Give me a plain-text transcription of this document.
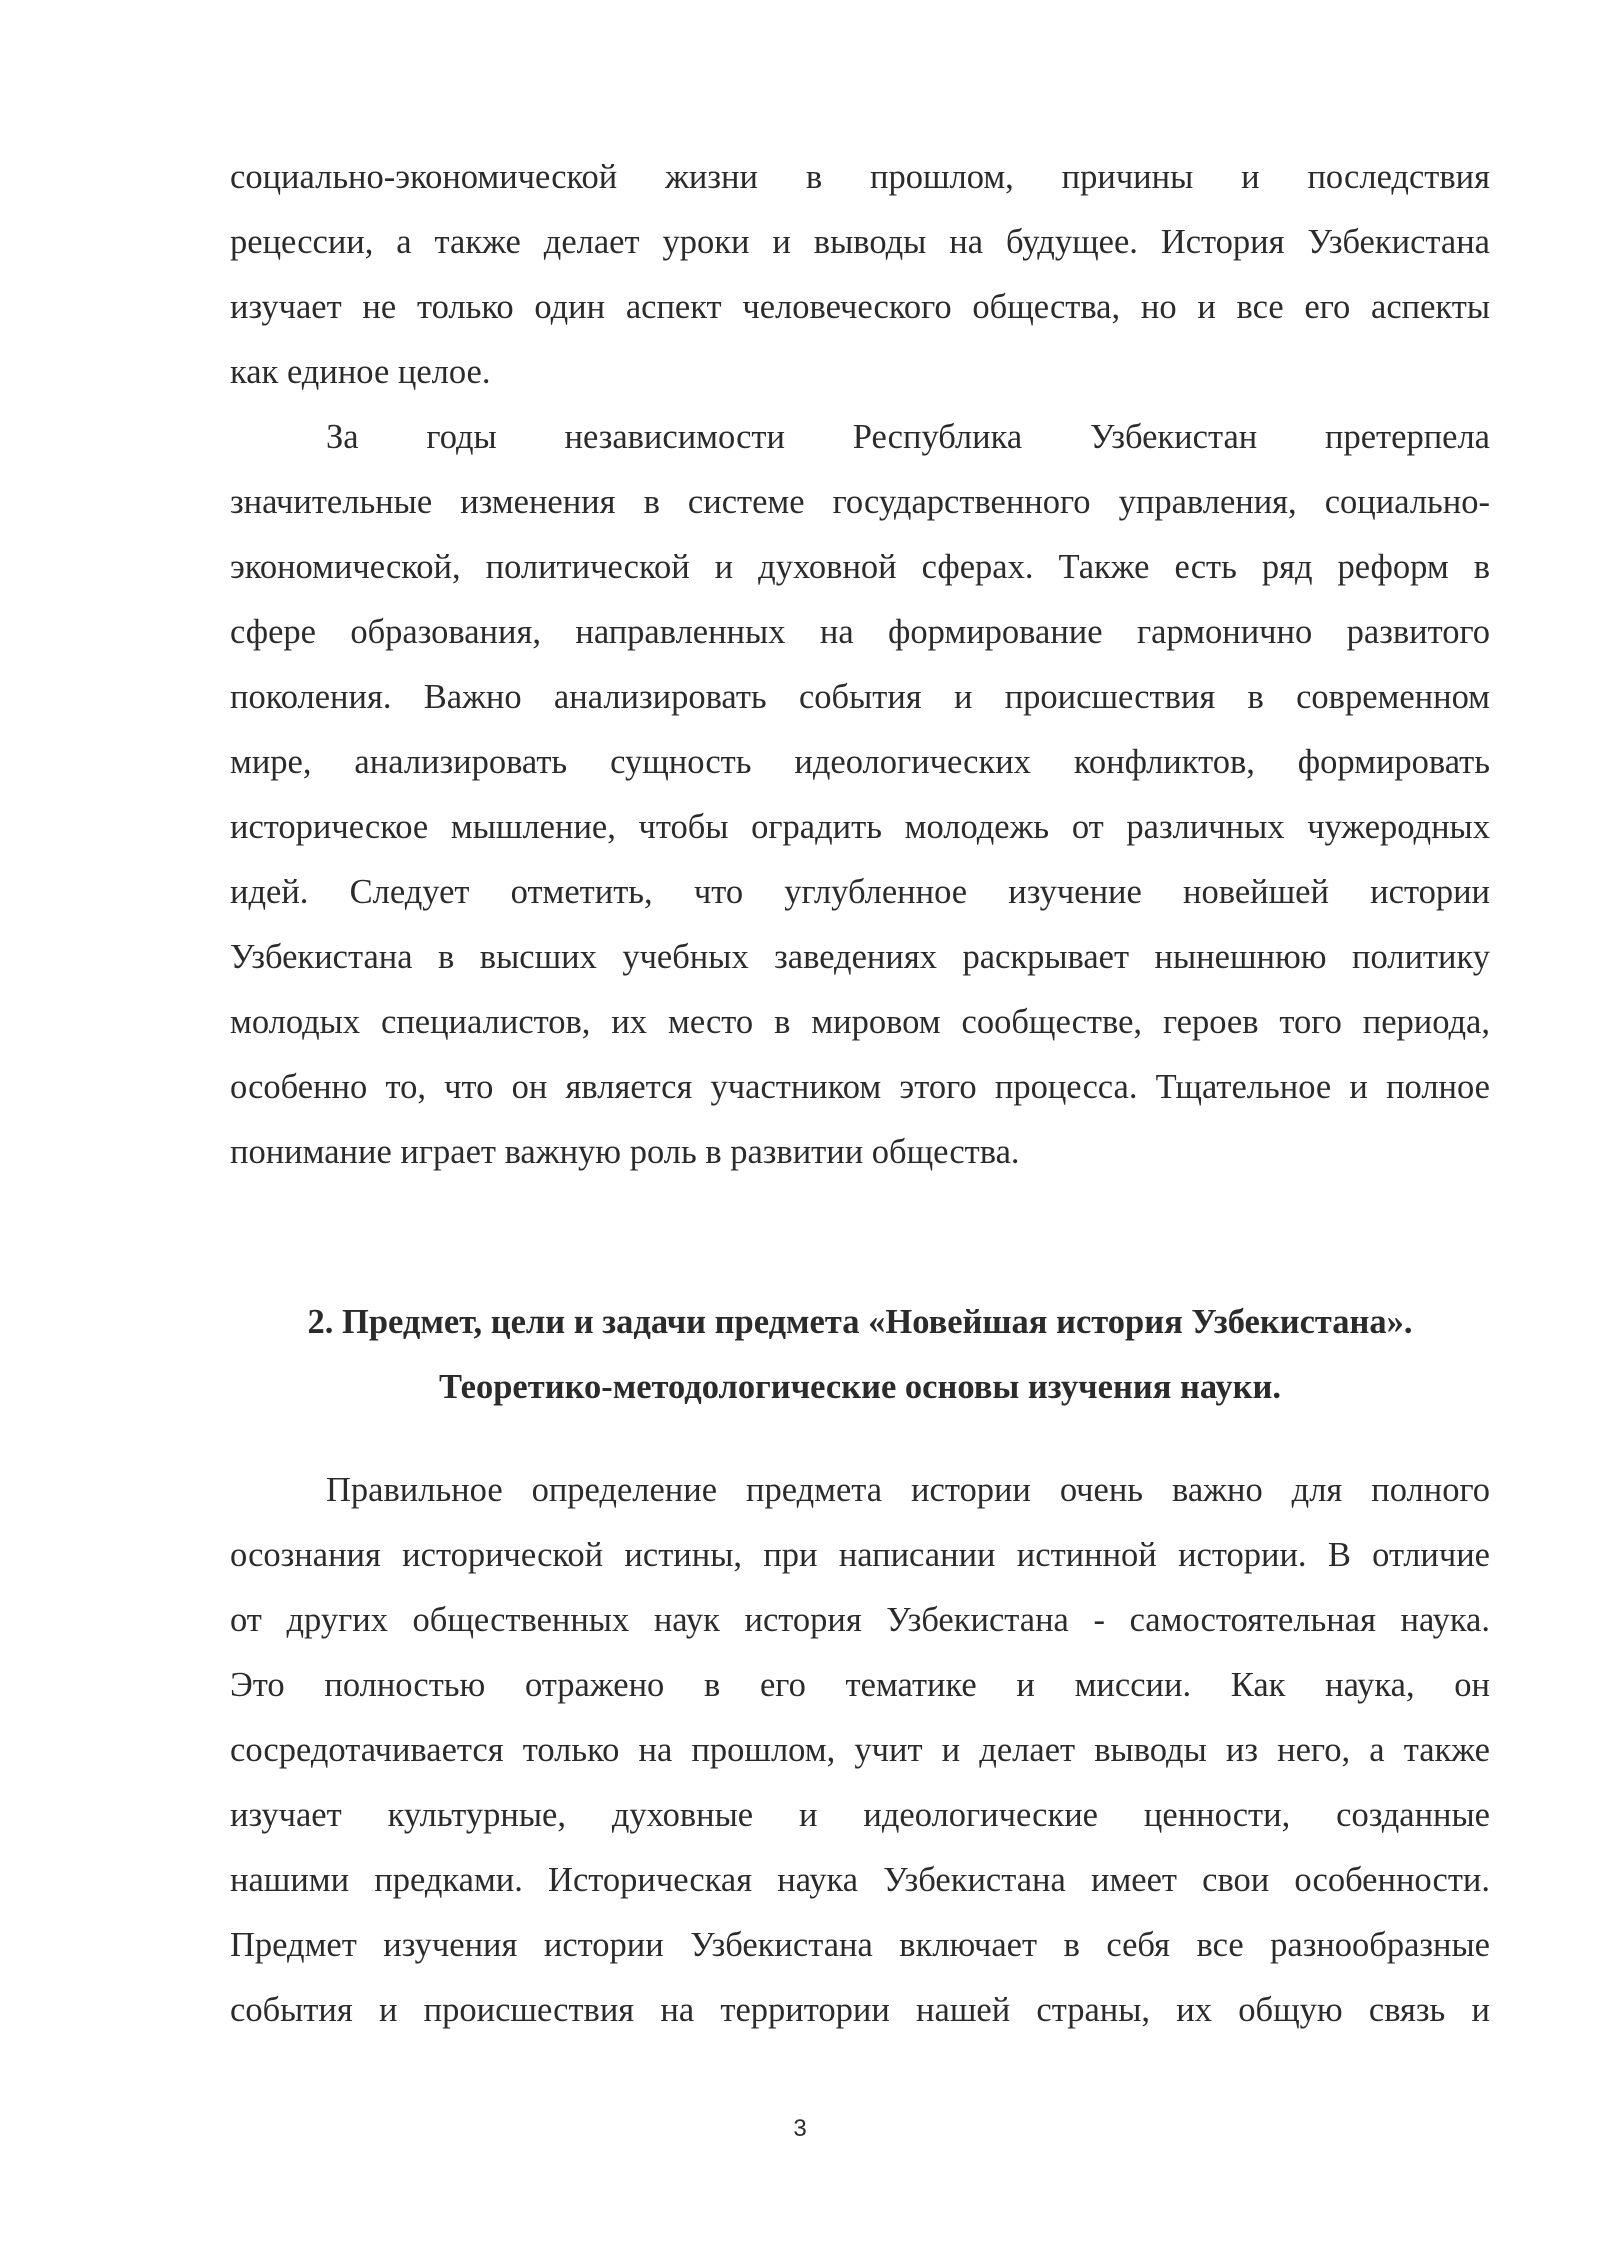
социально-экономической жизни в прошлом, причины и последствия
рецессии, а также делает уроки и выводы на будущее. История Узбекистана
изучает не только один аспект человеческого общества, но и все его аспекты
как единое целое.

За годы независимости Республика Узбекистан претерпела
значительные изменения в системе государственного управления, социально-
экономической, политической и духовной сферах. Также есть ряд реформ в
сфере образования, направленных на формирование гармонично развитого
поколения. Важно анализировать события и происшествия в современном
мире, анализировать сущность идеологических конфликтов, формировать
историческое мышление, чтобы оградить молодежь от различных чужеродных
идей. Следует отметить, что углубленное изучение новейшей истории
Узбекистана в высших учебных заведениях раскрывает нынешнюю политику
молодых специалистов, их место в мировом сообществе, героев того периода,
особенно то, что он является участником этого процесса. Тщательное и полное
понимание играет важную роль в развитии общества.

2. Предмет, цели и задачи предмета «Новейшая история Узбекистана».
Теоретико-методологические основы изучения науки.

Правильное определение предмета истории очень важно для полного
осознания исторической истины, при написании истинной истории. В отличие
от других общественных наук история Узбекистана - самостоятельная наука.
Это полностью отражено в его тематике и миссии. Как наука, он
сосредотачивается только на прошлом, учит и делает выводы из него, а также
изучает культурные, духовные и идеологические ценности, созданные
нашими предками. Историческая наука Узбекистана имеет свои особенности.
Предмет изучения истории Узбекистана включает в себя все разнообразные
события и происшествия на территории нашей страны, их общую связь и

3
